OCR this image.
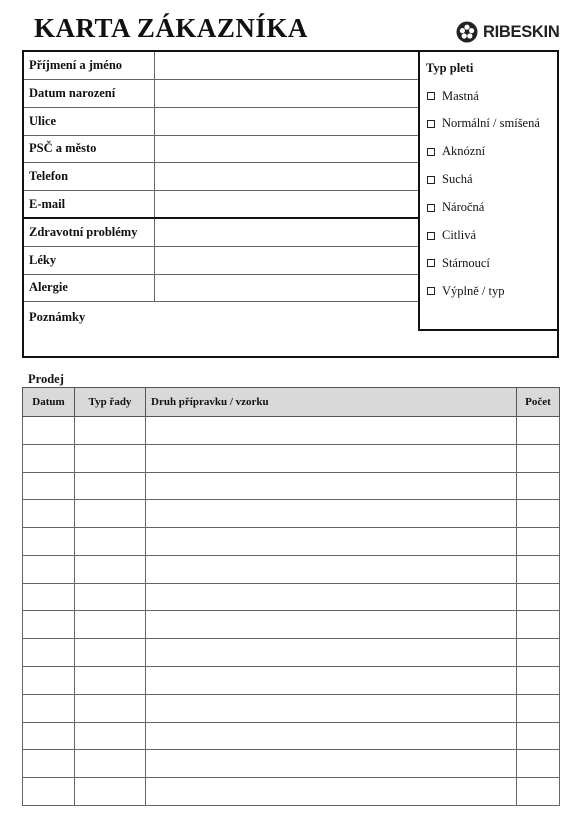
KARTA ZÁKAZNÍKA	RIBESKIN
Příjmení a jméno
Datum narození
Ulice
PSČ a město
Telefon
E-mail
Zdravotní problémy
Léky
Alergie
Poznámky
Typ pleti
Mastná
Normální / smíšená
Aknózní
Suchá
Náročná
Citlivá
Stárnoucí
Výplně / typ
Prodej
Datum	Typ řady	Druh přípravku / vzorku	Počet
